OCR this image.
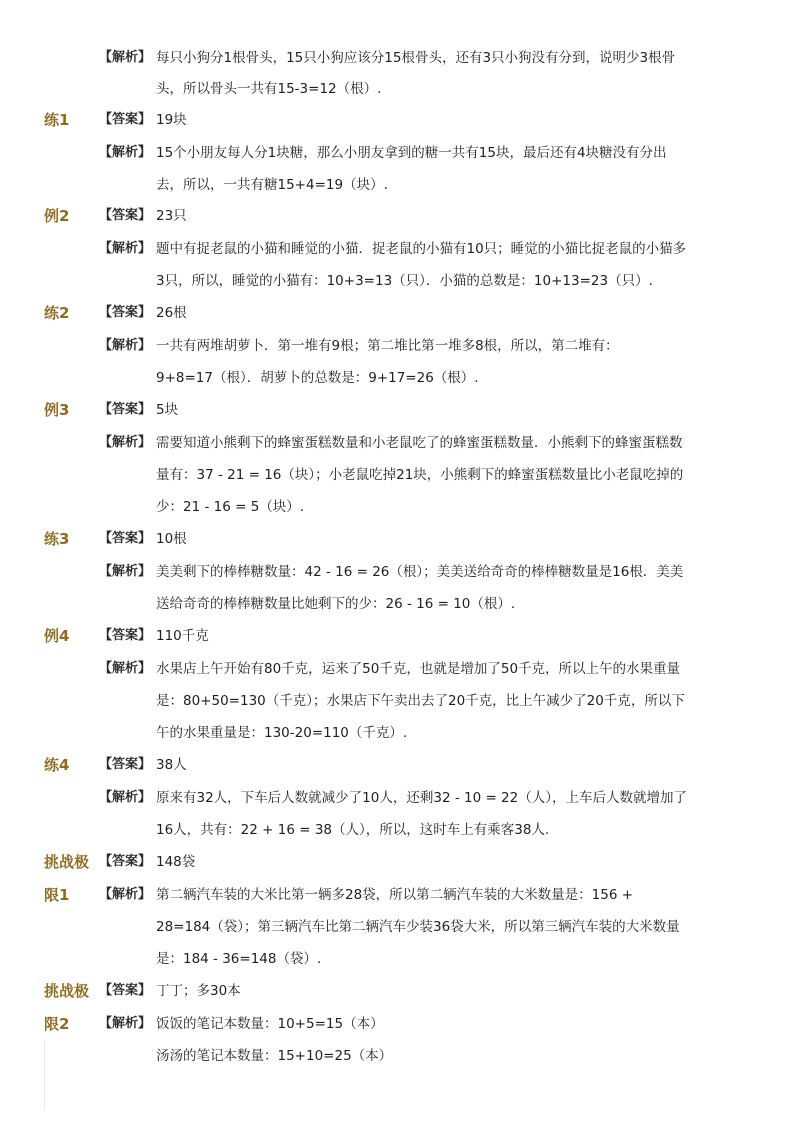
【解析】 每只小狗分1根骨头，15只小狗应该分15根骨头，还有3只小狗没有分到，说明少3根骨
头，所以骨头一共有15-3=12（根）.
练1 【答案】 19块
【解析】 15个小朋友每人分1块糖，那么小朋友拿到的糖一共有15块，最后还有4块糖没有分出
去，所以，一共有糖15+4=19（块）.
例2 【答案】 23只
【解析】 题中有捉老鼠的小猫和睡觉的小猫．捉老鼠的小猫有10只；睡觉的小猫比捉老鼠的小猫多
3只，所以，睡觉的小猫有：10+3=13（只）．小猫的总数是：10+13=23（只）.
练2 【答案】 26根
【解析】 一共有两堆胡萝卜．第一堆有9根；第二堆比第一堆多8根，所以，第二堆有：
9+8=17（根）．胡萝卜的总数是：9+17=26（根）.
例3 【答案】 5块
【解析】 需要知道小熊剩下的蜂蜜蛋糕数量和小老鼠吃了的蜂蜜蛋糕数量．小熊剩下的蜂蜜蛋糕数
量有：37 - 21 = 16（块）；小老鼠吃掉21块，小熊剩下的蜂蜜蛋糕数量比小老鼠吃掉的
少：21 - 16 = 5（块）.
练3 【答案】 10根
【解析】 美美剩下的棒棒糖数量：42 - 16 = 26（根）；美美送给奇奇的棒棒糖数量是16根．美美
送给奇奇的棒棒糖数量比她剩下的少：26 - 16 = 10（根）.
例4 【答案】 110千克
【解析】 水果店上午开始有80千克，运来了50千克，也就是增加了50千克，所以上午的水果重量
是：80+50=130（千克）；水果店下午卖出去了20千克，比上午减少了20千克，所以下
午的水果重量是：130-20=110（千克）.
练4 【答案】 38人
【解析】 原来有32人，下车后人数就减少了10人，还剩32 - 10 = 22（人），上车后人数就增加了
16人，共有：22 + 16 = 38（人），所以，这时车上有乘客38人.
挑战极 【答案】 148袋
限1 【解析】 第二辆汽车装的大米比第一辆多28袋，所以第二辆汽车装的大米数量是：156 +
28=184（袋）；第三辆汽车比第二辆汽车少装36袋大米，所以第三辆汽车装的大米数量
是：184 - 36=148（袋）.
挑战极 【答案】 丁丁；多30本
限2 【解析】 饭饭的笔记本数量：10+5=15（本）
汤汤的笔记本数量：15+10=25（本）
